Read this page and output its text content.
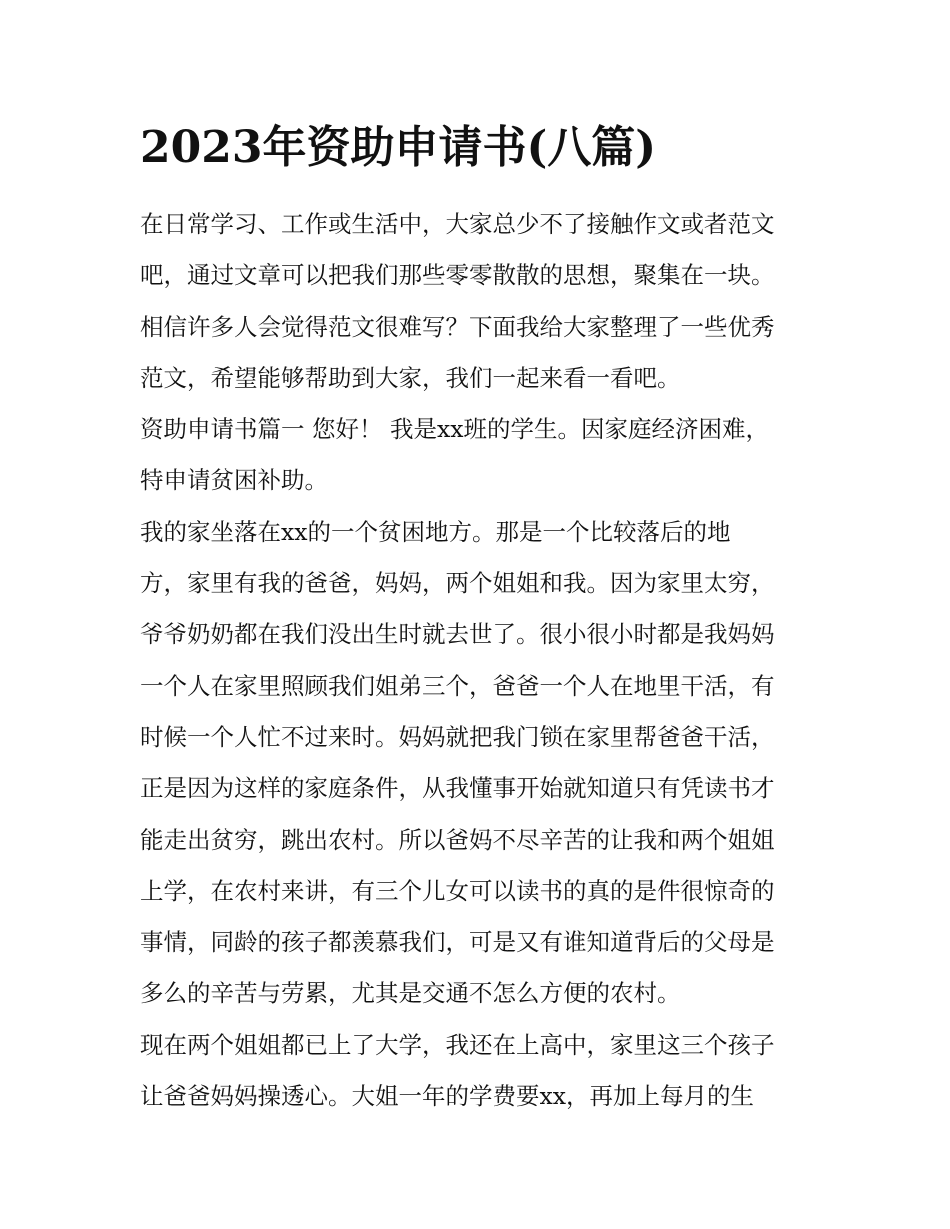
2023年资助申请书(八篇)

在日常学习、工作或生活中，大家总少不了接触作文或者范文
吧，通过文章可以把我们那些零零散散的思想，聚集在一块。
相信许多人会觉得范文很难写？下面我给大家整理了一些优秀
范文，希望能够帮助到大家，我们一起来看一看吧。

资助申请书篇一 您好！ 我是xx班的学生。因家庭经济困难，
特申请贫困补助。

我的家坐落在xx的一个贫困地方。那是一个比较落后的地
方，家里有我的爸爸，妈妈，两个姐姐和我。因为家里太穷，
爷爷奶奶都在我们没出生时就去世了。很小很小时都是我妈妈
一个人在家里照顾我们姐弟三个，爸爸一个人在地里干活，有
时候一个人忙不过来时。妈妈就把我门锁在家里帮爸爸干活，
正是因为这样的家庭条件，从我懂事开始就知道只有凭读书才
能走出贫穷，跳出农村。所以爸妈不尽辛苦的让我和两个姐姐
上学，在农村来讲，有三个儿女可以读书的真的是件很惊奇的
事情，同龄的孩子都羡慕我们，可是又有谁知道背后的父母是
多么的辛苦与劳累，尤其是交通不怎么方便的农村。

现在两个姐姐都已上了大学，我还在上高中，家里这三个孩子
让爸爸妈妈操透心。大姐一年的学费要xx，再加上每月的生
